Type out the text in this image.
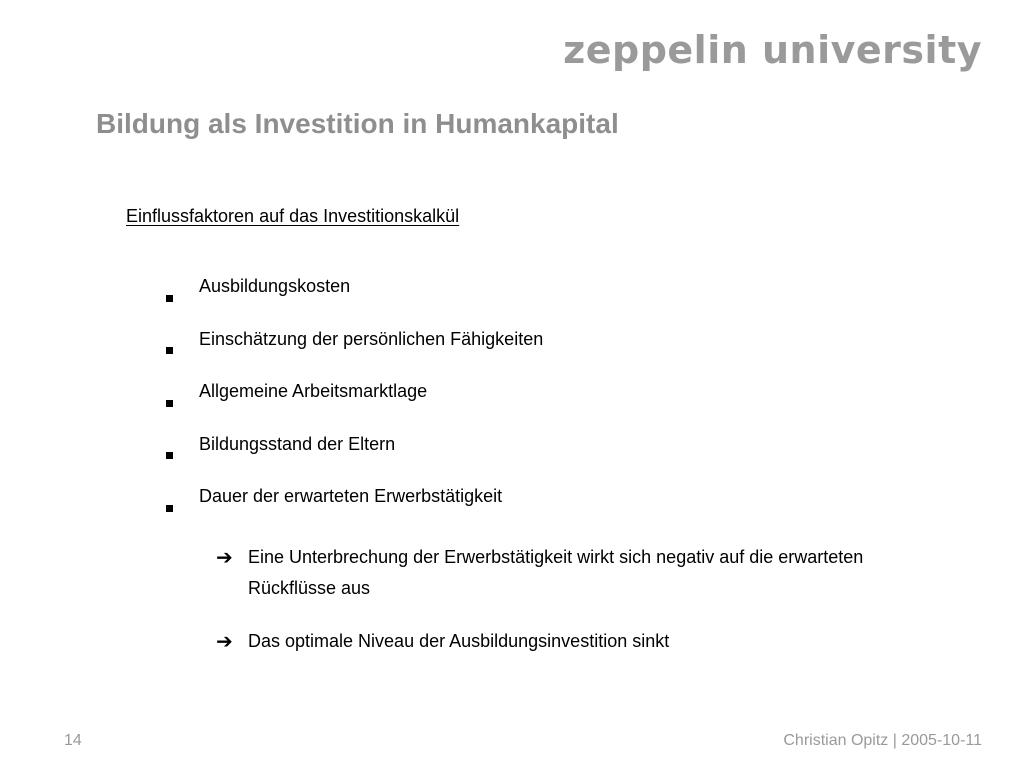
zeppelin university
Bildung als Investition in Humankapital
Einflussfaktoren auf das Investitionskalkül
Ausbildungskosten
Einschätzung der persönlichen Fähigkeiten
Allgemeine Arbeitsmarktlage
Bildungsstand der Eltern
Dauer der erwarteten Erwerbstätigkeit
➔ Eine Unterbrechung der Erwerbstätigkeit wirkt sich negativ auf die erwarteten Rückflüsse aus
➔ Das optimale Niveau der Ausbildungsinvestition sinkt
14	Christian Opitz | 2005-10-11
